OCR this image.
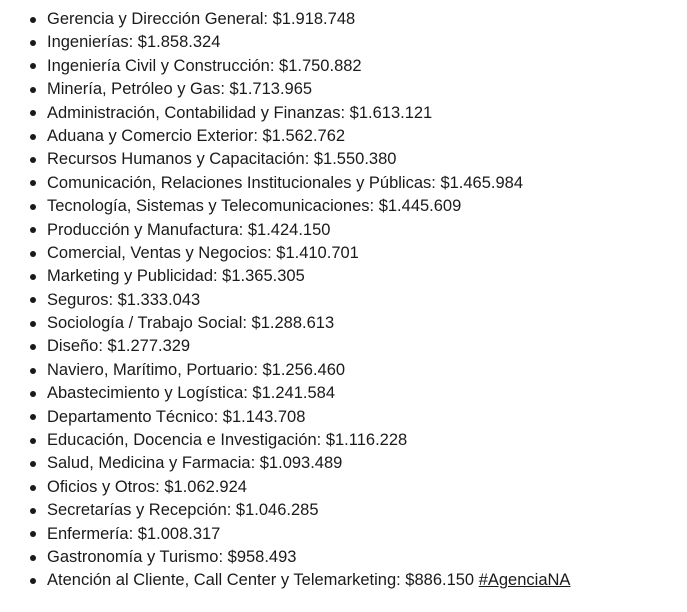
Gerencia y Dirección General: $1.918.748
Ingenierías: $1.858.324
Ingeniería Civil y Construcción: $1.750.882
Minería, Petróleo y Gas: $1.713.965
Administración, Contabilidad y Finanzas: $1.613.121
Aduana y Comercio Exterior: $1.562.762
Recursos Humanos y Capacitación: $1.550.380
Comunicación, Relaciones Institucionales y Públicas: $1.465.984
Tecnología, Sistemas y Telecomunicaciones: $1.445.609
Producción y Manufactura: $1.424.150
Comercial, Ventas y Negocios: $1.410.701
Marketing y Publicidad: $1.365.305
Seguros: $1.333.043
Sociología / Trabajo Social: $1.288.613
Diseño: $1.277.329
Naviero, Marítimo, Portuario: $1.256.460
Abastecimiento y Logística: $1.241.584
Departamento Técnico: $1.143.708
Educación, Docencia e Investigación: $1.116.228
Salud, Medicina y Farmacia: $1.093.489
Oficios y Otros: $1.062.924
Secretarías y Recepción: $1.046.285
Enfermería: $1.008.317
Gastronomía y Turismo: $958.493
Atención al Cliente, Call Center y Telemarketing: $886.150 #AgenciaNA
